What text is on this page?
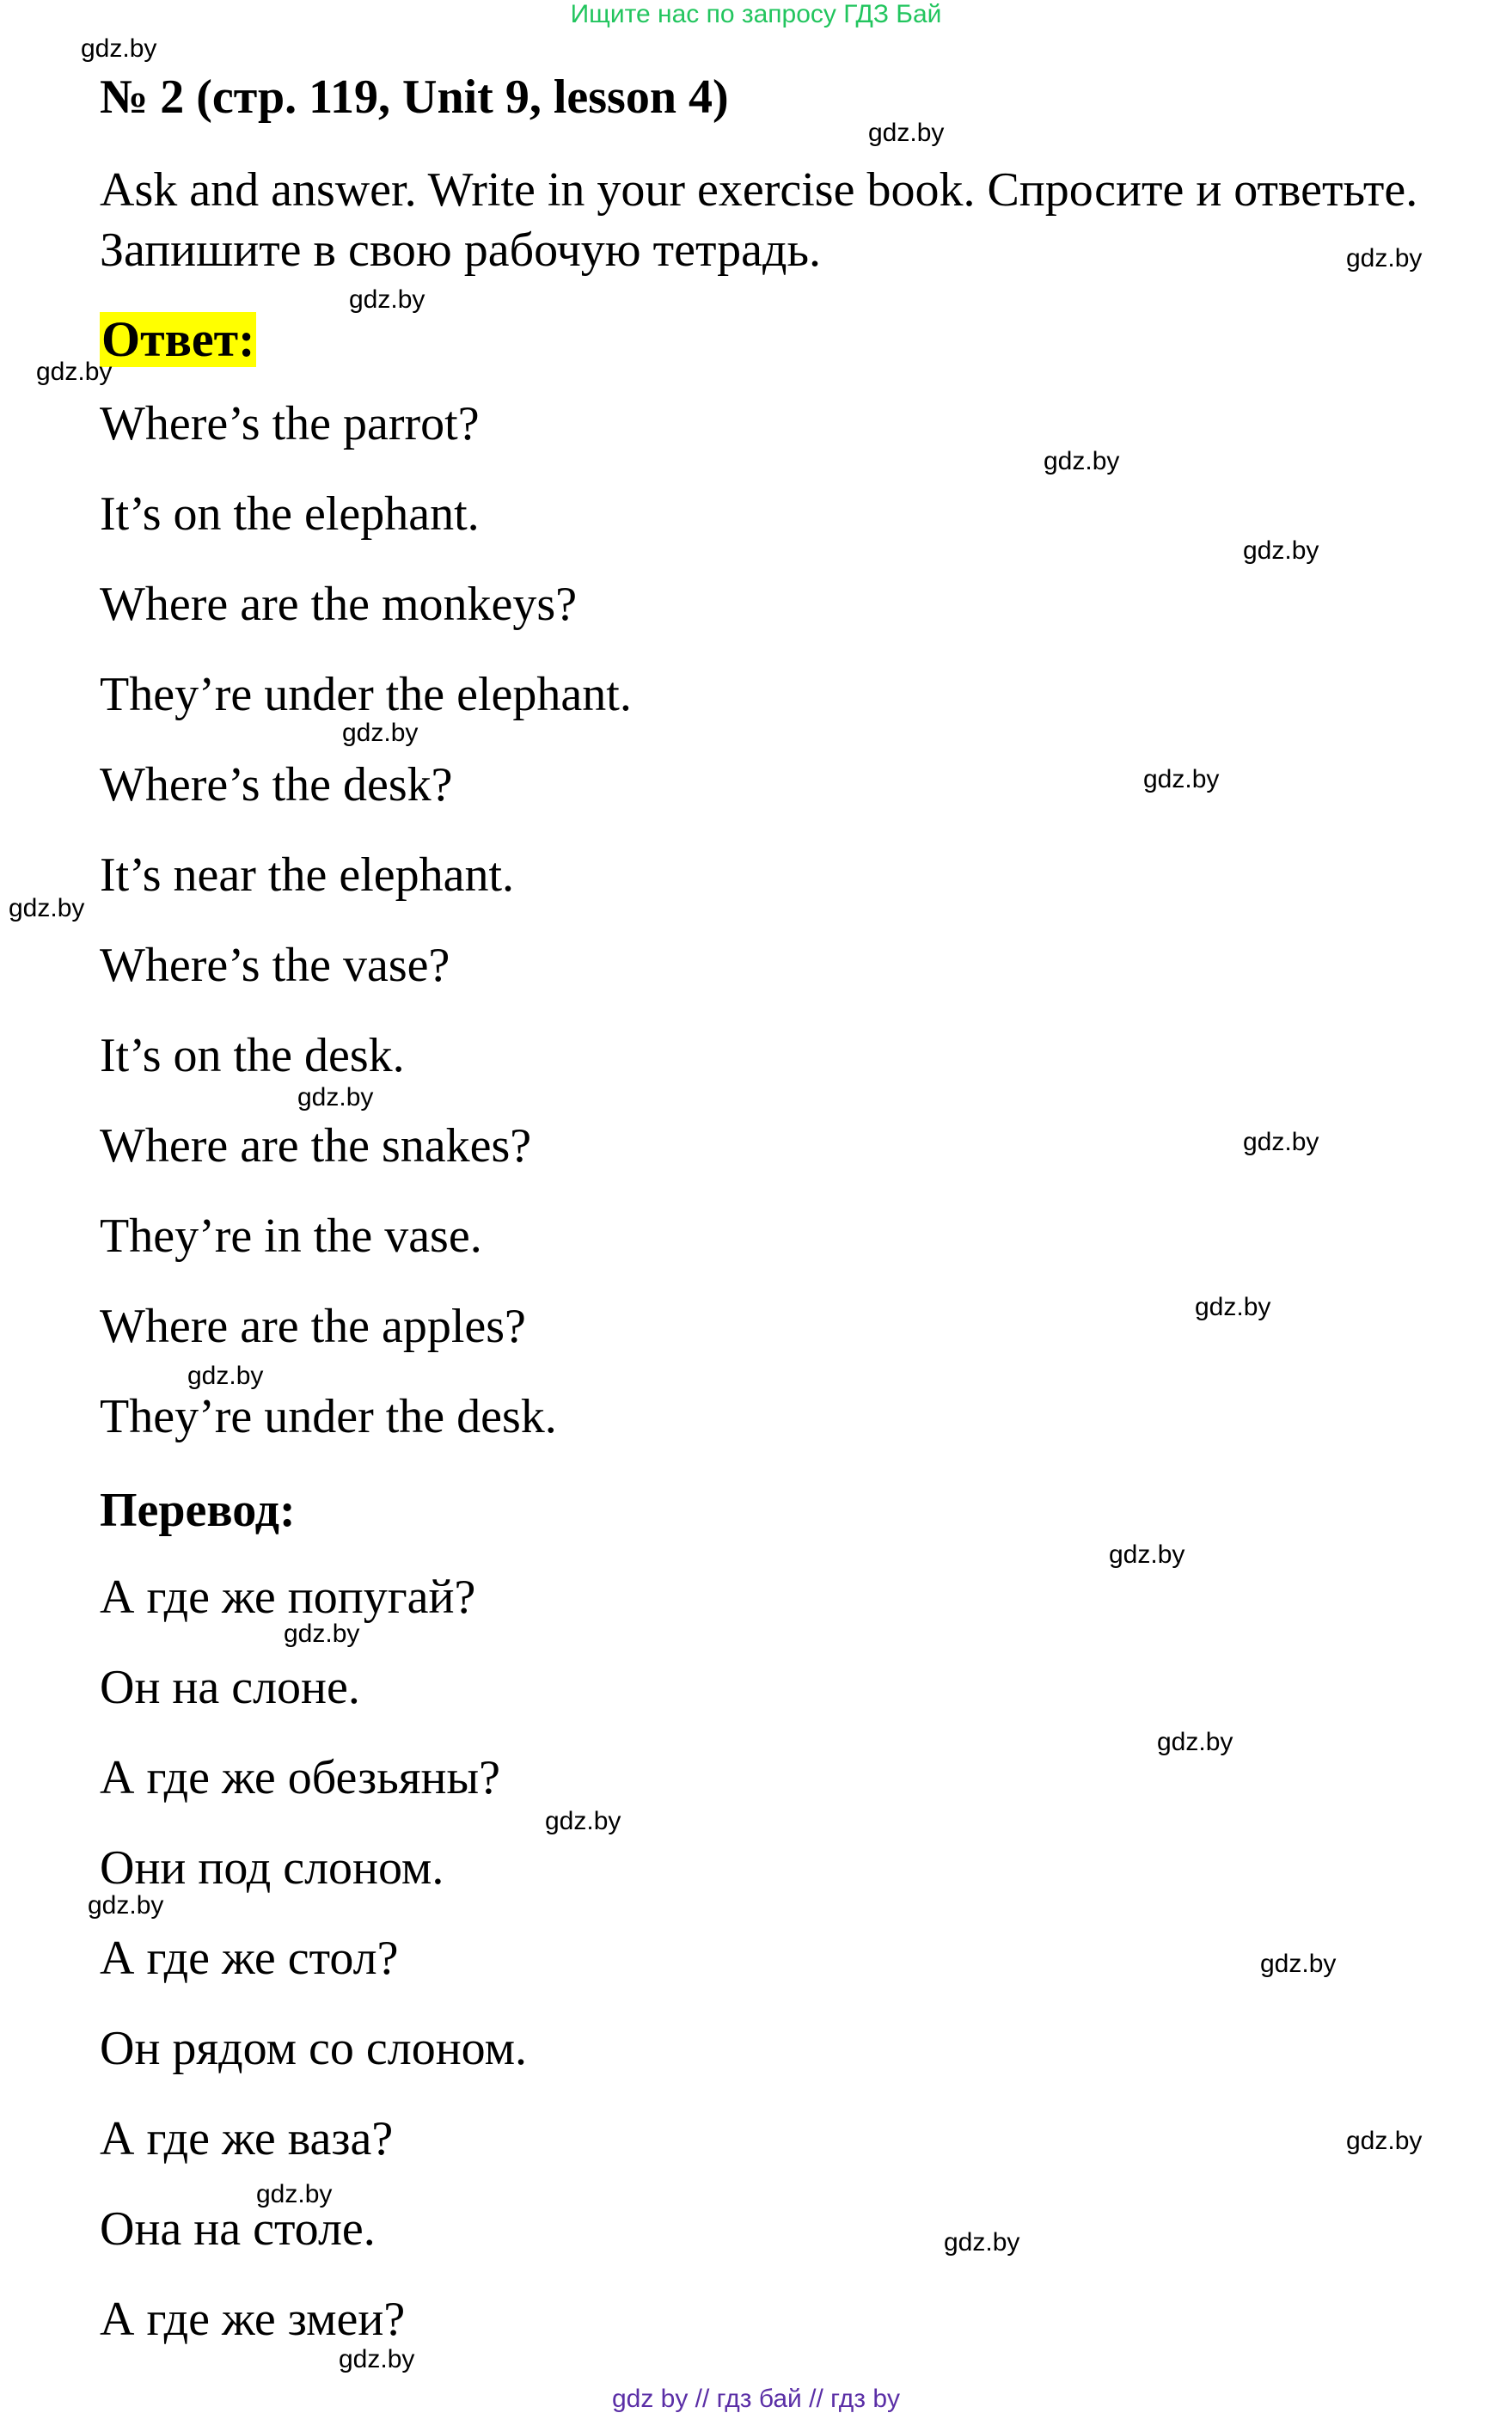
Ищите нас по запросу ГДЗ Бай
№ 2 (стр. 119, Unit 9, lesson 4)
Ask and answer. Write in your exercise book. Спросите и ответьте.
Запишите в свою рабочую тетрадь.
Ответ:
Where’s the parrot?
It’s on the elephant.
Where are the monkeys?
They’re under the elephant.
Where’s the desk?
It’s near the elephant.
Where’s the vase?
It’s on the desk.
Where are the snakes?
They’re in the vase.
Where are the apples?
They’re under the desk.
Перевод:
А где же попугай?
Он на слоне.
А где же обезьяны?
Они под слоном.
А где же стол?
Он рядом со слоном.
А где же ваза?
Она на столе.
А где же змеи?
gdz.by
gdz.by
gdz.by
gdz.by
gdz.by
gdz.by
gdz.by
gdz.by
gdz.by
gdz.by
gdz.by
gdz.by
gdz.by
gdz.by
gdz.by
gdz.by
gdz.by
gdz.by
gdz.by
gdz.by
gdz.by
gdz.by
gdz.by
gdz.by
gdz by // гдз бай // гдз by
